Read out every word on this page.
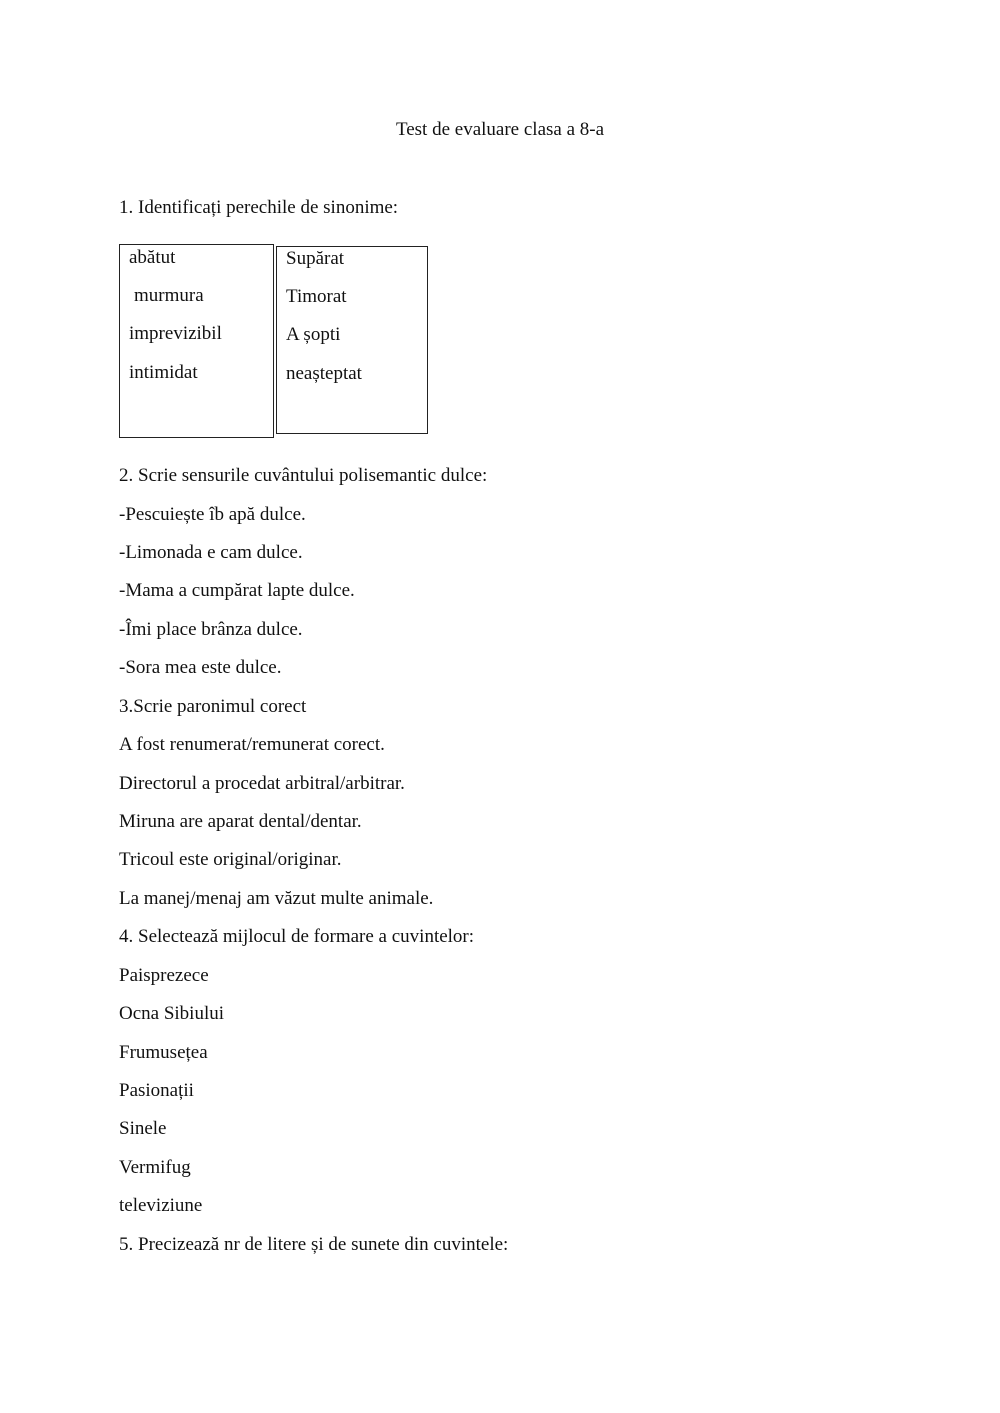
Test de evaluare clasa a 8-a
1. Identificați perechile de sinonime:
abătut
murmura
imprevizibil
intimidat
Supărat
Timorat
A șopti
neașteptat
2. Scrie sensurile cuvântului polisemantic dulce:
-Pescuiește îb apă dulce.
-Limonada e cam dulce.
-Mama a cumpărat lapte dulce.
-Îmi place brânza dulce.
-Sora mea este dulce.
3.Scrie paronimul corect
A fost renumerat/remunerat corect.
Directorul a procedat arbitral/arbitrar.
Miruna are aparat dental/dentar.
Tricoul este original/originar.
La manej/menaj am văzut multe animale.
4. Selectează mijlocul de formare a cuvintelor:
Paisprezece
Ocna Sibiului
Frumusețea
Pasionații
Sinele
Vermifug
televiziune
5. Precizează nr de litere și de sunete din cuvintele:
